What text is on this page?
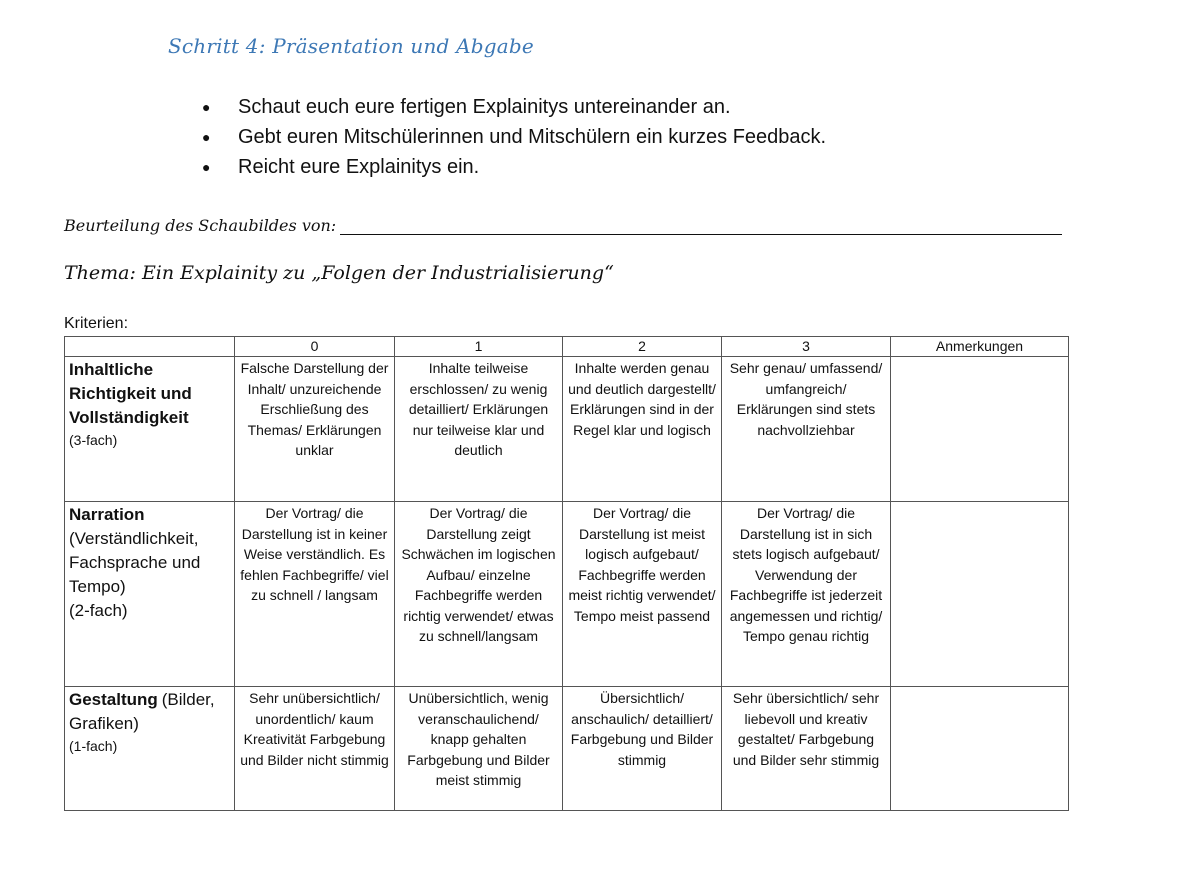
Schritt 4: Präsentation und Abgabe
● Schaut euch eure fertigen Explainitys untereinander an.
● Gebt euren Mitschülerinnen und Mitschülern ein kurzes Feedback.
● Reicht eure Explainitys ein.
Beurteilung des Schaubildes von:
Thema: Ein Explainity zu „Folgen der Industrialisierung“
Kriterien:
	0	1	2	3	Anmerkungen

Inhaltliche Richtigkeit und Vollständigkeit
(3-fach)	Falsche Darstellung der Inhalt/ unzureichende Erschließung des Themas/ Erklärungen unklar	Inhalte teilweise erschlossen/ zu wenig detailliert/ Erklärungen nur teilweise klar und deutlich	Inhalte werden genau und deutlich dargestellt/ Erklärungen sind in der Regel klar und logisch	Sehr genau/ umfassend/ umfangreich/ Erklärungen sind stets nachvollziehbar	

Narration
(Verständlichkeit, Fachsprache und Tempo)
(2-fach)	Der Vortrag/ die Darstellung ist in keiner Weise verständlich. Es fehlen Fachbegriffe/ viel zu schnell / langsam	Der Vortrag/ die Darstellung zeigt Schwächen im logischen Aufbau/ einzelne Fachbegriffe werden richtig verwendet/ etwas zu schnell/langsam	Der Vortrag/ die Darstellung ist meist logisch aufgebaut/ Fachbegriffe werden meist richtig verwendet/ Tempo meist passend	Der Vortrag/ die Darstellung ist in sich stets logisch aufgebaut/ Verwendung der Fachbegriffe ist jederzeit angemessen und richtig/ Tempo genau richtig	

Gestaltung (Bilder, Grafiken)
(1-fach)	Sehr unübersichtlich/ unordentlich/ kaum Kreativität Farbgebung und Bilder nicht stimmig	Unübersichtlich, wenig veranschaulichend/ knapp gehalten Farbgebung und Bilder meist stimmig	Übersichtlich/ anschaulich/ detailliert/ Farbgebung und Bilder stimmig	Sehr übersichtlich/ sehr liebevoll und kreativ gestaltet/ Farbgebung und Bilder sehr stimmig	
